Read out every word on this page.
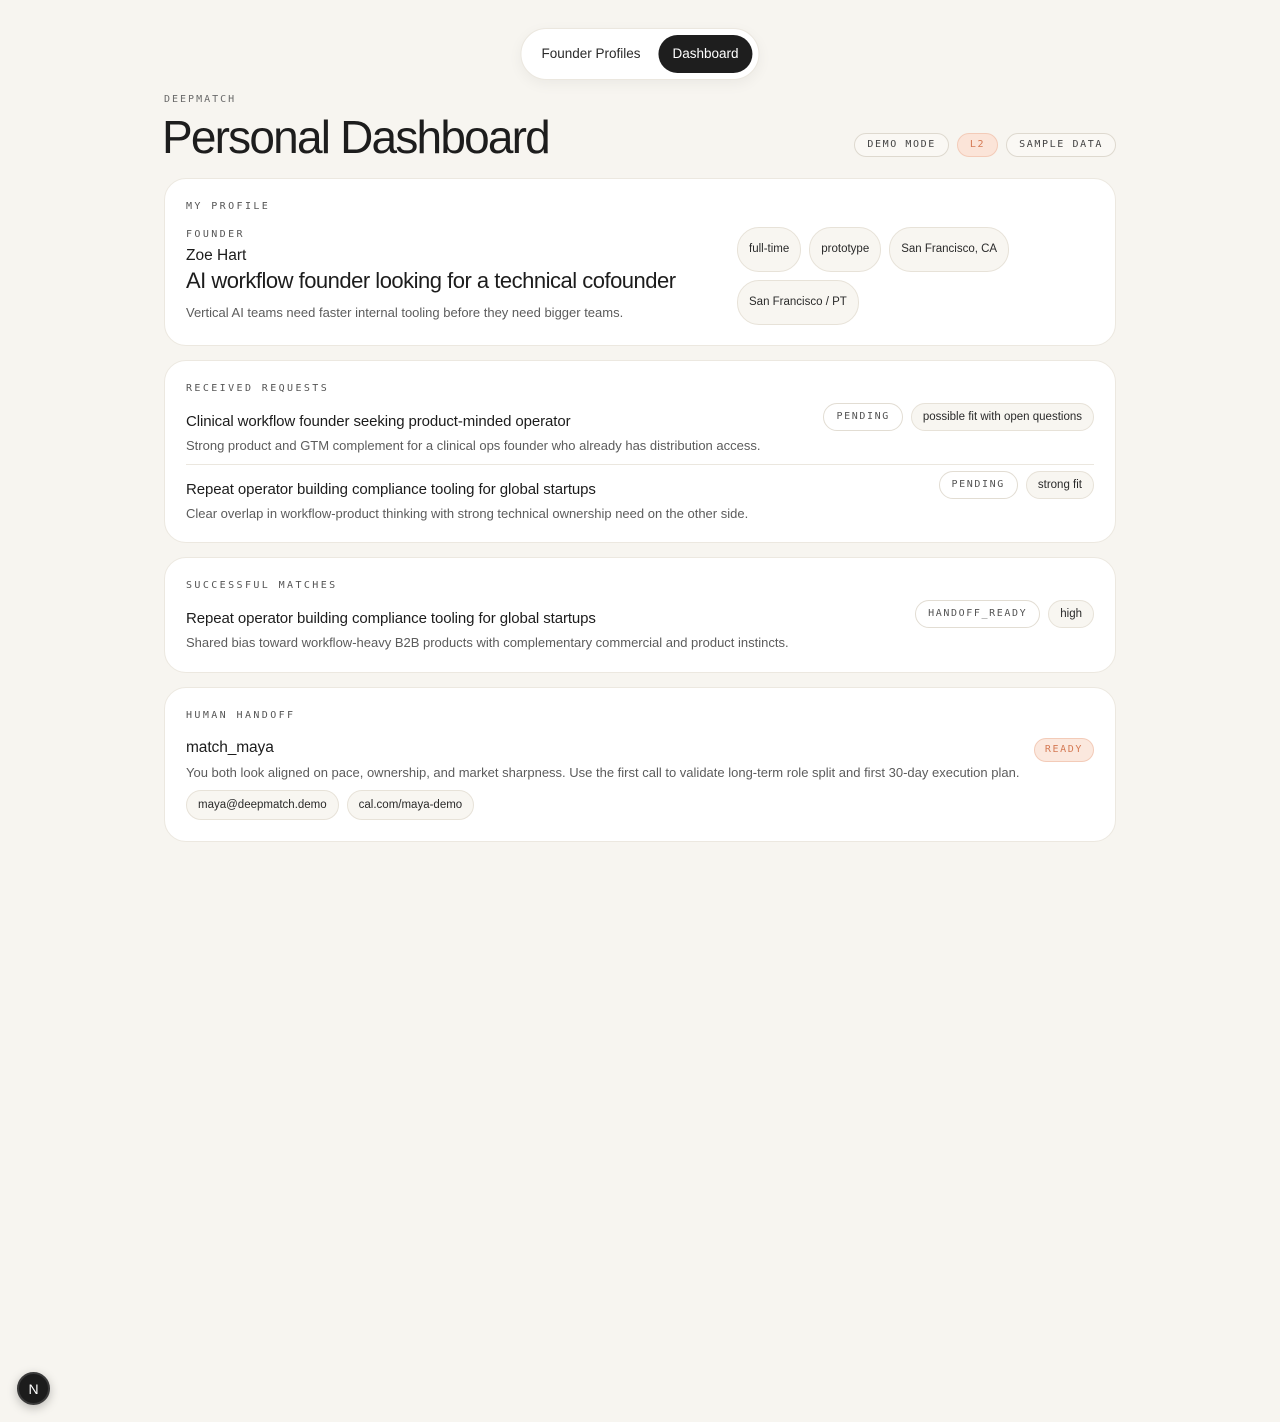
Founder Profiles	Dashboard
DEEPMATCH
Personal Dashboard	DEMO MODE	L2	SAMPLE DATA
MY PROFILE
FOUNDER
Zoe Hart
AI workflow founder looking for a technical cofounder
Vertical AI teams need faster internal tooling before they need bigger teams.
full-time	prototype	San Francisco, CA
San Francisco / PT
RECEIVED REQUESTS
Clinical workflow founder seeking product-minded operator
Strong product and GTM complement for a clinical ops founder who already has distribution access.
PENDING	possible fit with open questions
Repeat operator building compliance tooling for global startups
Clear overlap in workflow-product thinking with strong technical ownership need on the other side.
PENDING	strong fit
SUCCESSFUL MATCHES
Repeat operator building compliance tooling for global startups
Shared bias toward workflow-heavy B2B products with complementary commercial and product instincts.
HANDOFF_READY	high
HUMAN HANDOFF
match_maya
You both look aligned on pace, ownership, and market sharpness. Use the first call to validate long-term role split and first 30-day execution plan.
READY
maya@deepmatch.demo	cal.com/maya-demo
N
